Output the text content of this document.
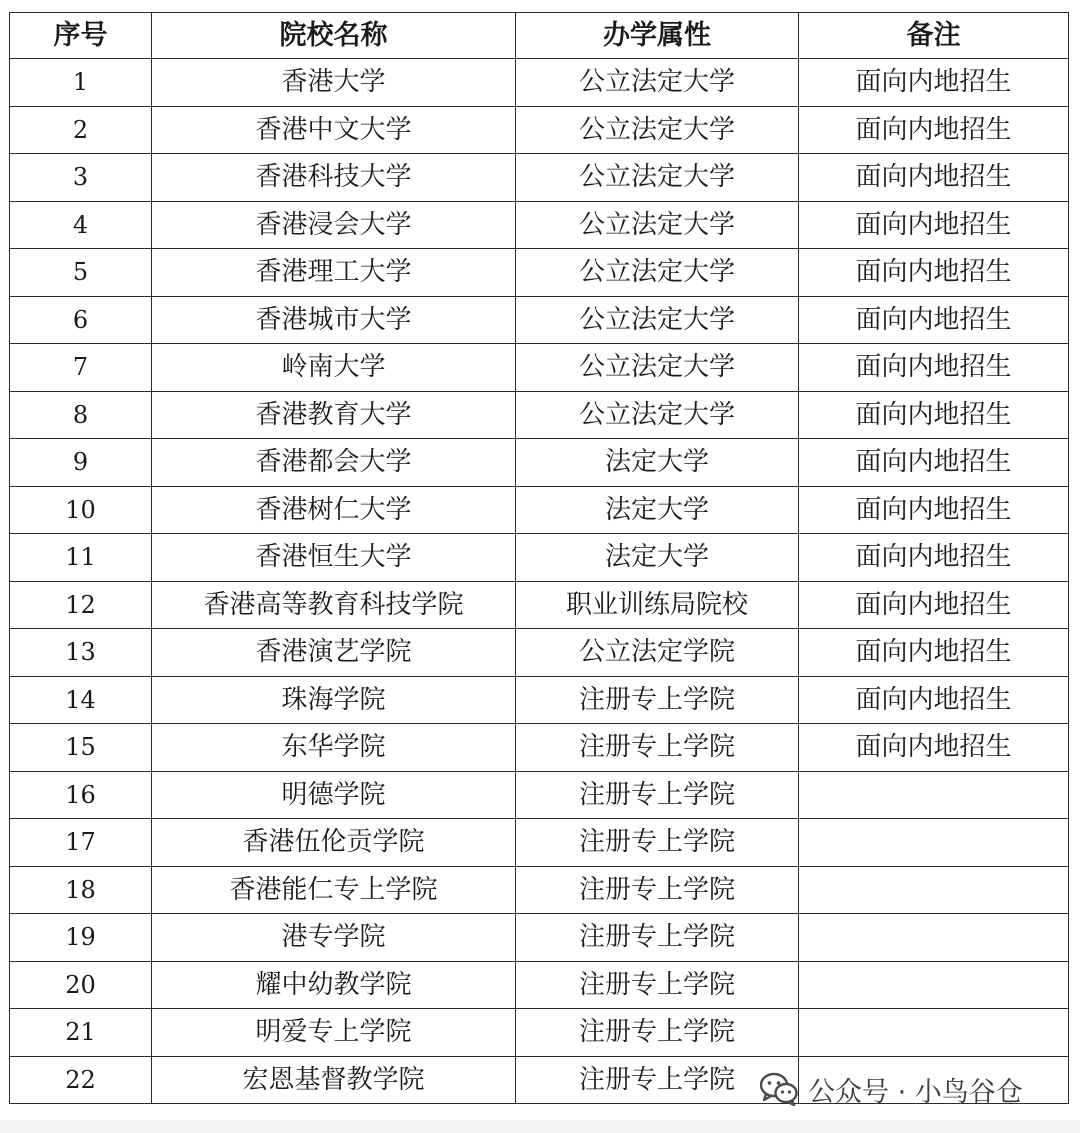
序号	院校名称	办学属性	备注
1	香港大学	公立法定大学	面向内地招生
2	香港中文大学	公立法定大学	面向内地招生
3	香港科技大学	公立法定大学	面向内地招生
4	香港浸会大学	公立法定大学	面向内地招生
5	香港理工大学	公立法定大学	面向内地招生
6	香港城市大学	公立法定大学	面向内地招生
7	岭南大学	公立法定大学	面向内地招生
8	香港教育大学	公立法定大学	面向内地招生
9	香港都会大学	法定大学	面向内地招生
10	香港树仁大学	法定大学	面向内地招生
11	香港恒生大学	法定大学	面向内地招生
12	香港高等教育科技学院	职业训练局院校	面向内地招生
13	香港演艺学院	公立法定学院	面向内地招生
14	珠海学院	注册专上学院	面向内地招生
15	东华学院	注册专上学院	面向内地招生
16	明德学院	注册专上学院	
17	香港伍伦贡学院	注册专上学院	
18	香港能仁专上学院	注册专上学院	
19	港专学院	注册专上学院	
20	耀中幼教学院	注册专上学院	
21	明爱专上学院	注册专上学院	
22	宏恩基督教学院	注册专上学院		公众号 · 小鸟谷仓
